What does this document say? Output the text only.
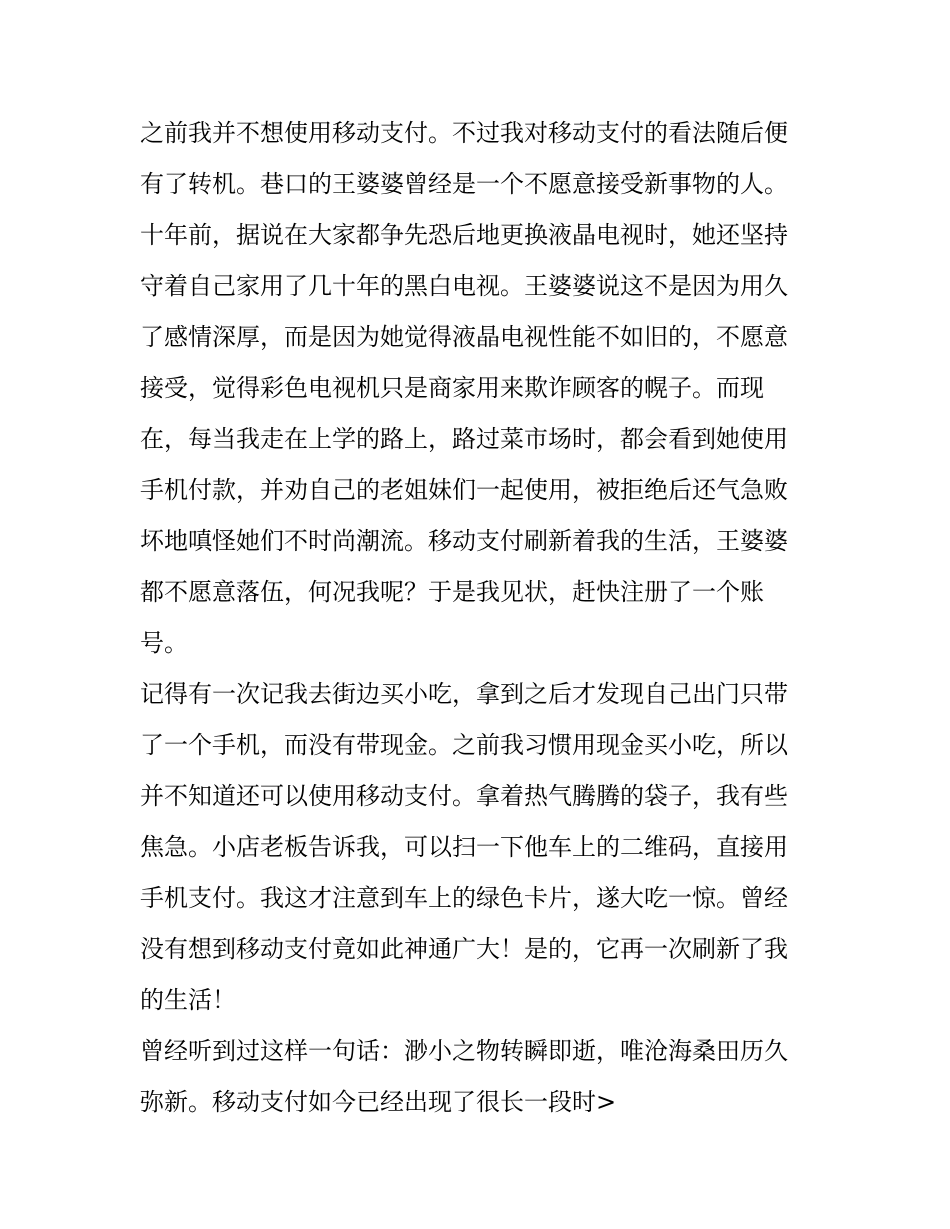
之前我并不想使用移动支付。不过我对移动支付的看法随后便
有了转机。巷口的王婆婆曾经是一个不愿意接受新事物的人。
十年前，据说在大家都争先恐后地更换液晶电视时，她还坚持
守着自己家用了几十年的黑白电视。王婆婆说这不是因为用久
了感情深厚，而是因为她觉得液晶电视性能不如旧的，不愿意
接受，觉得彩色电视机只是商家用来欺诈顾客的幌子。而现
在，每当我走在上学的路上，路过菜市场时，都会看到她使用
手机付款，并劝自己的老姐妹们一起使用，被拒绝后还气急败
坏地嗔怪她们不时尚潮流。移动支付刷新着我的生活，王婆婆
都不愿意落伍，何况我呢？于是我见状，赶快注册了一个账
号。
记得有一次记我去街边买小吃，拿到之后才发现自己出门只带
了一个手机，而没有带现金。之前我习惯用现金买小吃，所以
并不知道还可以使用移动支付。拿着热气腾腾的袋子，我有些
焦急。小店老板告诉我，可以扫一下他车上的二维码，直接用
手机支付。我这才注意到车上的绿色卡片，遂大吃一惊。曾经
没有想到移动支付竟如此神通广大！是的，它再一次刷新了我
的生活！
曾经听到过这样一句话：渺小之物转瞬即逝，唯沧海桑田历久
弥新。移动支付如今已经出现了很长一段时>
